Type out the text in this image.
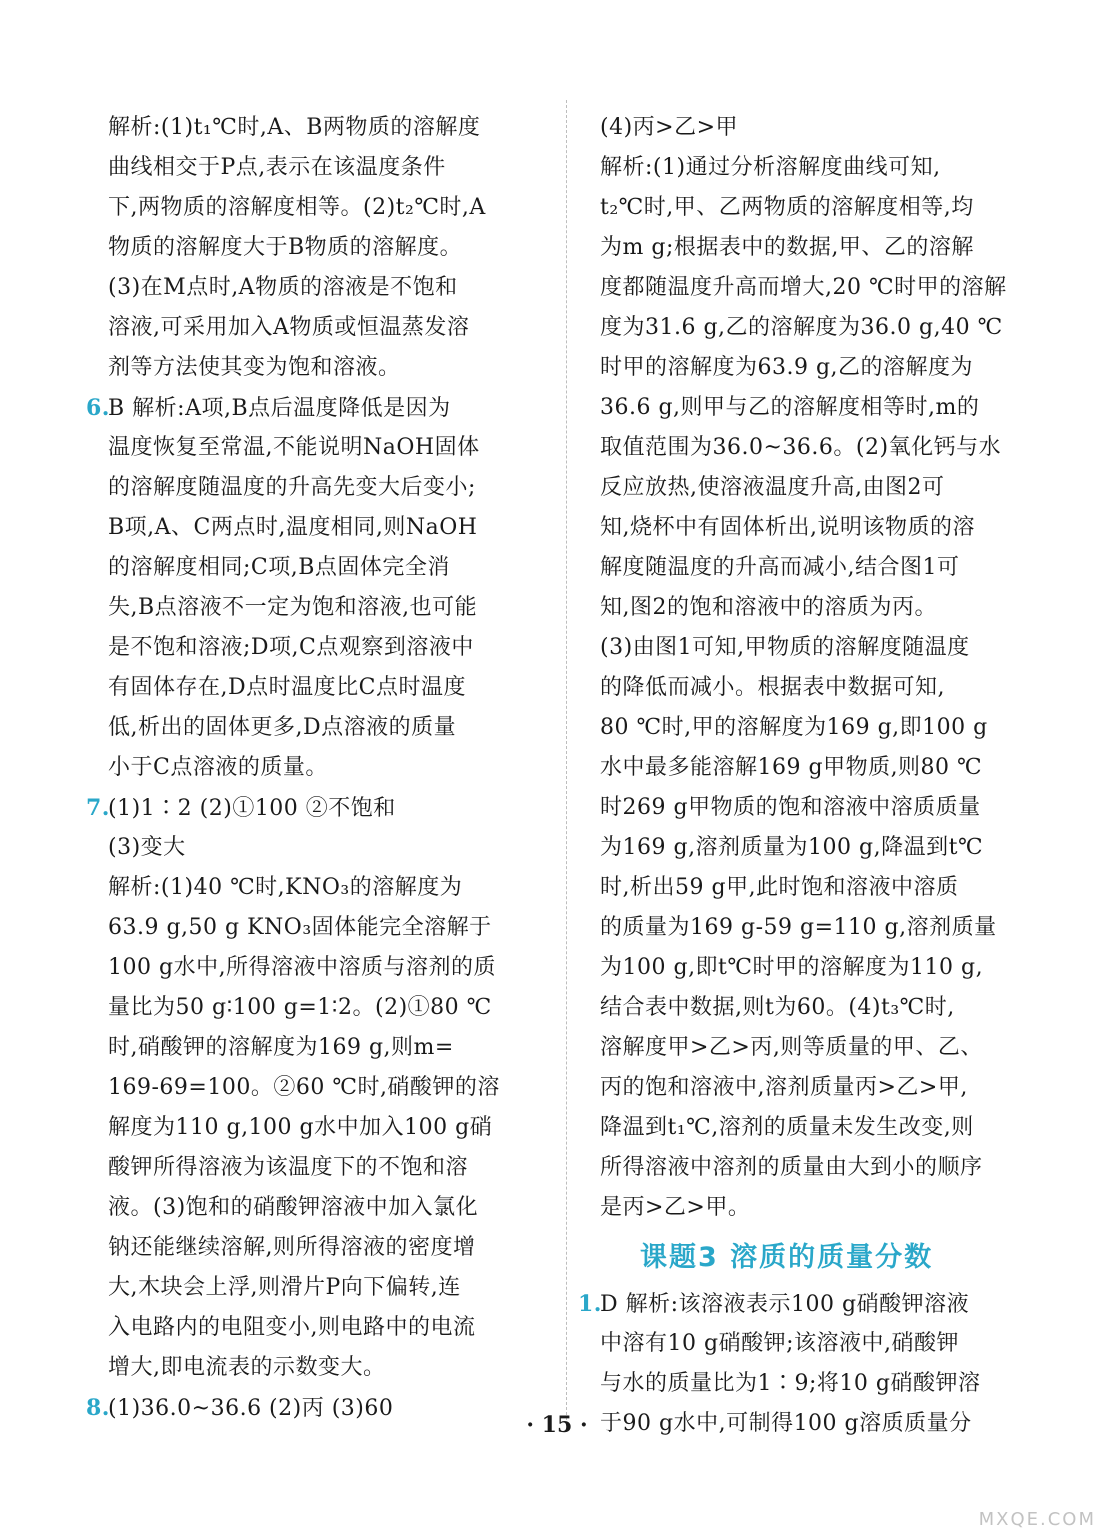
解析:(1)t₁℃时,A、B两物质的溶解度
曲线相交于P点,表示在该温度条件
下,两物质的溶解度相等。(2)t₂℃时,A
物质的溶解度大于B物质的溶解度。
(3)在M点时,A物质的溶液是不饱和
溶液,可采用加入A物质或恒温蒸发溶
剂等方法使其变为饱和溶液。
6.B 解析:A项,B点后温度降低是因为
温度恢复至常温,不能说明NaOH固体
的溶解度随温度的升高先变大后变小;
B项,A、C两点时,温度相同,则NaOH
的溶解度相同;C项,B点固体完全消
失,B点溶液不一定为饱和溶液,也可能
是不饱和溶液;D项,C点观察到溶液中
有固体存在,D点时温度比C点时温度
低,析出的固体更多,D点溶液的质量
小于C点溶液的质量。
7.(1)1∶2 (2)①100 ②不饱和
(3)变大
解析:(1)40 ℃时,KNO₃的溶解度为
63.9 g,50 g KNO₃固体能完全溶解于
100 g水中,所得溶液中溶质与溶剂的质
量比为50 g∶100 g=1∶2。(2)①80 ℃
时,硝酸钾的溶解度为169 g,则m=
169-69=100。②60 ℃时,硝酸钾的溶
解度为110 g,100 g水中加入100 g硝
酸钾所得溶液为该温度下的不饱和溶
液。(3)饱和的硝酸钾溶液中加入氯化
钠还能继续溶解,则所得溶液的密度增
大,木块会上浮,则滑片P向下偏转,连
入电路内的电阻变小,则电路中的电流
增大,即电流表的示数变大。
8.(1)36.0~36.6 (2)丙 (3)60
(4)丙>乙>甲
解析:(1)通过分析溶解度曲线可知,
t₂℃时,甲、乙两物质的溶解度相等,均
为m g;根据表中的数据,甲、乙的溶解
度都随温度升高而增大,20 ℃时甲的溶解
度为31.6 g,乙的溶解度为36.0 g,40 ℃
时甲的溶解度为63.9 g,乙的溶解度为
36.6 g,则甲与乙的溶解度相等时,m的
取值范围为36.0~36.6。(2)氧化钙与水
反应放热,使溶液温度升高,由图2可
知,烧杯中有固体析出,说明该物质的溶
解度随温度的升高而减小,结合图1可
知,图2的饱和溶液中的溶质为丙。
(3)由图1可知,甲物质的溶解度随温度
的降低而减小。根据表中数据可知,
80 ℃时,甲的溶解度为169 g,即100 g
水中最多能溶解169 g甲物质,则80 ℃
时269 g甲物质的饱和溶液中溶质质量
为169 g,溶剂质量为100 g,降温到t℃
时,析出59 g甲,此时饱和溶液中溶质
的质量为169 g-59 g=110 g,溶剂质量
为100 g,即t℃时甲的溶解度为110 g,
结合表中数据,则t为60。(4)t₃℃时,
溶解度甲>乙>丙,则等质量的甲、乙、
丙的饱和溶液中,溶剂质量丙>乙>甲,
降温到t₁℃,溶剂的质量未发生改变,则
所得溶液中溶剂的质量由大到小的顺序
是丙>乙>甲。
课题3 溶质的质量分数
1.D 解析:该溶液表示100 g硝酸钾溶液
中溶有10 g硝酸钾;该溶液中,硝酸钾
与水的质量比为1∶9;将10 g硝酸钾溶
于90 g水中,可制得100 g溶质质量分
· 15 ·
MXQE.COM
